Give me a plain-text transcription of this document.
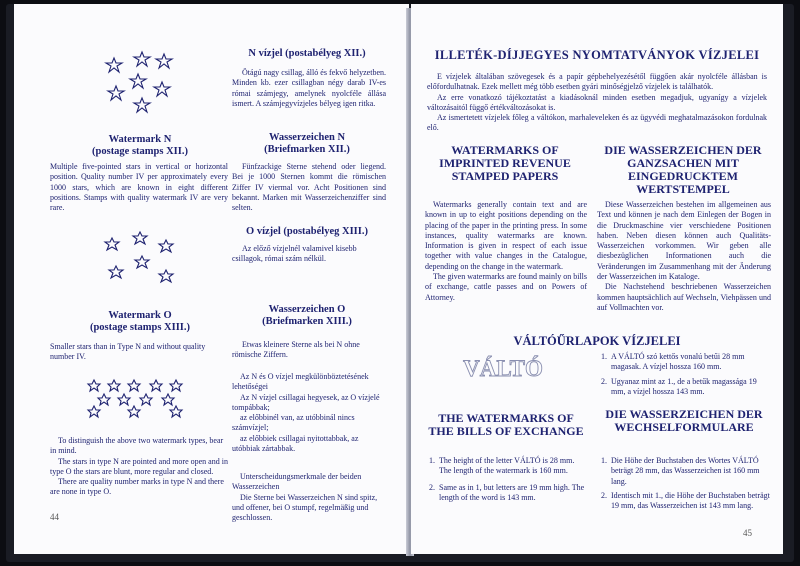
Watermark N
(postage stamps XII.)
Multiple five-pointed stars in vertical or horizontal position. Quality number IV per approximately every 1000 stars, which are known in eight different positions. Stamps with quality watermark IV are very rare.
Watermark O
(postage stamps XIII.)
Smaller stars than in Type N and without quality number IV.
To distinguish the above two watermark types, bear in mind.
The stars in type N are pointed and more open and in type O the stars are blunt, more regular and closed.
There are quality number marks in type N and there are none in type O.
44
N vízjel (postabélyeg XII.)
Ötágú nagy csillag, álló és fekvő helyzetben. Minden kb. ezer csillagban négy darab IV-es római számjegy, amelynek nyolcféle állása ismert. A számjegyvízjeles bélyeg igen ritka.
Wasserzeichen N
(Briefmarken XII.)
Fünfzackige Sterne stehend oder liegend. Bei je 1000 Sternen kommt die römischen Ziffer IV viermal vor. Acht Positionen sind bekannt. Marken mit Wasserzeichenziffer sind selten.
O vízjel (postabélyeg XIII.)
Az előző vízjelnél valamivel kisebb csillagok, római szám nélkül.
Wasserzeichen O
(Briefmarken XIII.)
Etwas kleinere Sterne als bei N ohne römische Ziffern.
Az N és O vízjel megkülönböztetésének lehetőségei
Az N vízjel csillagai hegyesek, az O vízjelé tompábbak;
az előbbinél van, az utóbbinál nincs számvízjel;
az előbbiek csillagai nyitottabbak, az utóbbiak zártabbak.
Unterscheidungsmerkmale der beiden Wasserzeichen
Die Sterne bei Wasserzeichen N sind spitz, und offener, bei O stumpf, regelmäßig und geschlossen.
ILLETÉK-DÍJJEGYES NYOMTATVÁNYOK VÍZJELEI
E vízjelek általában szövegesek és a papír gépbehelyezésétől függően akár nyolcféle állásban is előfordulhatnak. Ezek mellett még több esetben gyári minőségjelző vízjelek is találhatók.
Az erre vonatkozó tájékoztatást a kiadásoknál minden esetben megadjuk, ugyanígy a vízjelek változásaitól függő értékváltozásokat is.
Az ismertetett vízjelek főleg a váltókon, marhaleveleken és az ügyvédi meghatalmazásokon fordulnak elő.
WATERMARKS OF IMPRINTED REVENUE STAMPED PAPERS
DIE WASSERZEICHEN DER GANZSACHEN MIT EINGEDRUCKTEM WERTSTEMPEL
Watermarks generally contain text and are known in up to eight positions depending on the placing of the paper in the printing press. In some instances, quality watermarks are known. Information is given in respect of each issue together with value changes in the Catalogue, depending on the change in the watermark.
The given watermarks are found mainly on bills of exchange, cattle passes and on Powers of Attorney.
Diese Wasserzeichen bestehen im allgemeinen aus Text und können je nach dem Einlegen der Bogen in die Druckmaschine vier verschiedene Positionen haben. Neben diesen können auch Qualitäts-Wasserzeichen vorkommen. Wir geben alle diesbezüglichen Informationen auch die Veränderungen im Zusammenhang mit der Änderung der Wasserzeichen im Kataloge.
Die Nachstehend beschriebenen Wasserzeichen kommen hauptsächlich auf Wechseln, Viehpässen und auf Vollmachten vor.
VÁLTÓŰRLAPOK VÍZJELEI
VÁLTÓ	1. A VÁLTÓ szó kettős vonalú betűi 28 mm magasak. A vízjel hossza 160 mm.
2. Ugyanaz mint az 1., de a betűk magassága 19 mm, a vízjel hossza 143 mm.
THE WATERMARKS OF THE BILLS OF EXCHANGE
DIE WASSERZEICHEN DER WECHSELFORMULARE
1. The height of the letter VÁLTÓ is 28 mm. The length of the watermark is 160 mm.
2. Same as in 1, but letters are 19 mm high. The length of the word is 143 mm.
1. Die Höhe der Buchstaben des Wortes VÁLTÓ beträgt 28 mm, das Wasserzeichen ist 160 mm lang.
2. Identisch mit 1., die Höhe der Buchstaben beträgt 19 mm, das Wasserzeichen ist 143 mm lang.
45
